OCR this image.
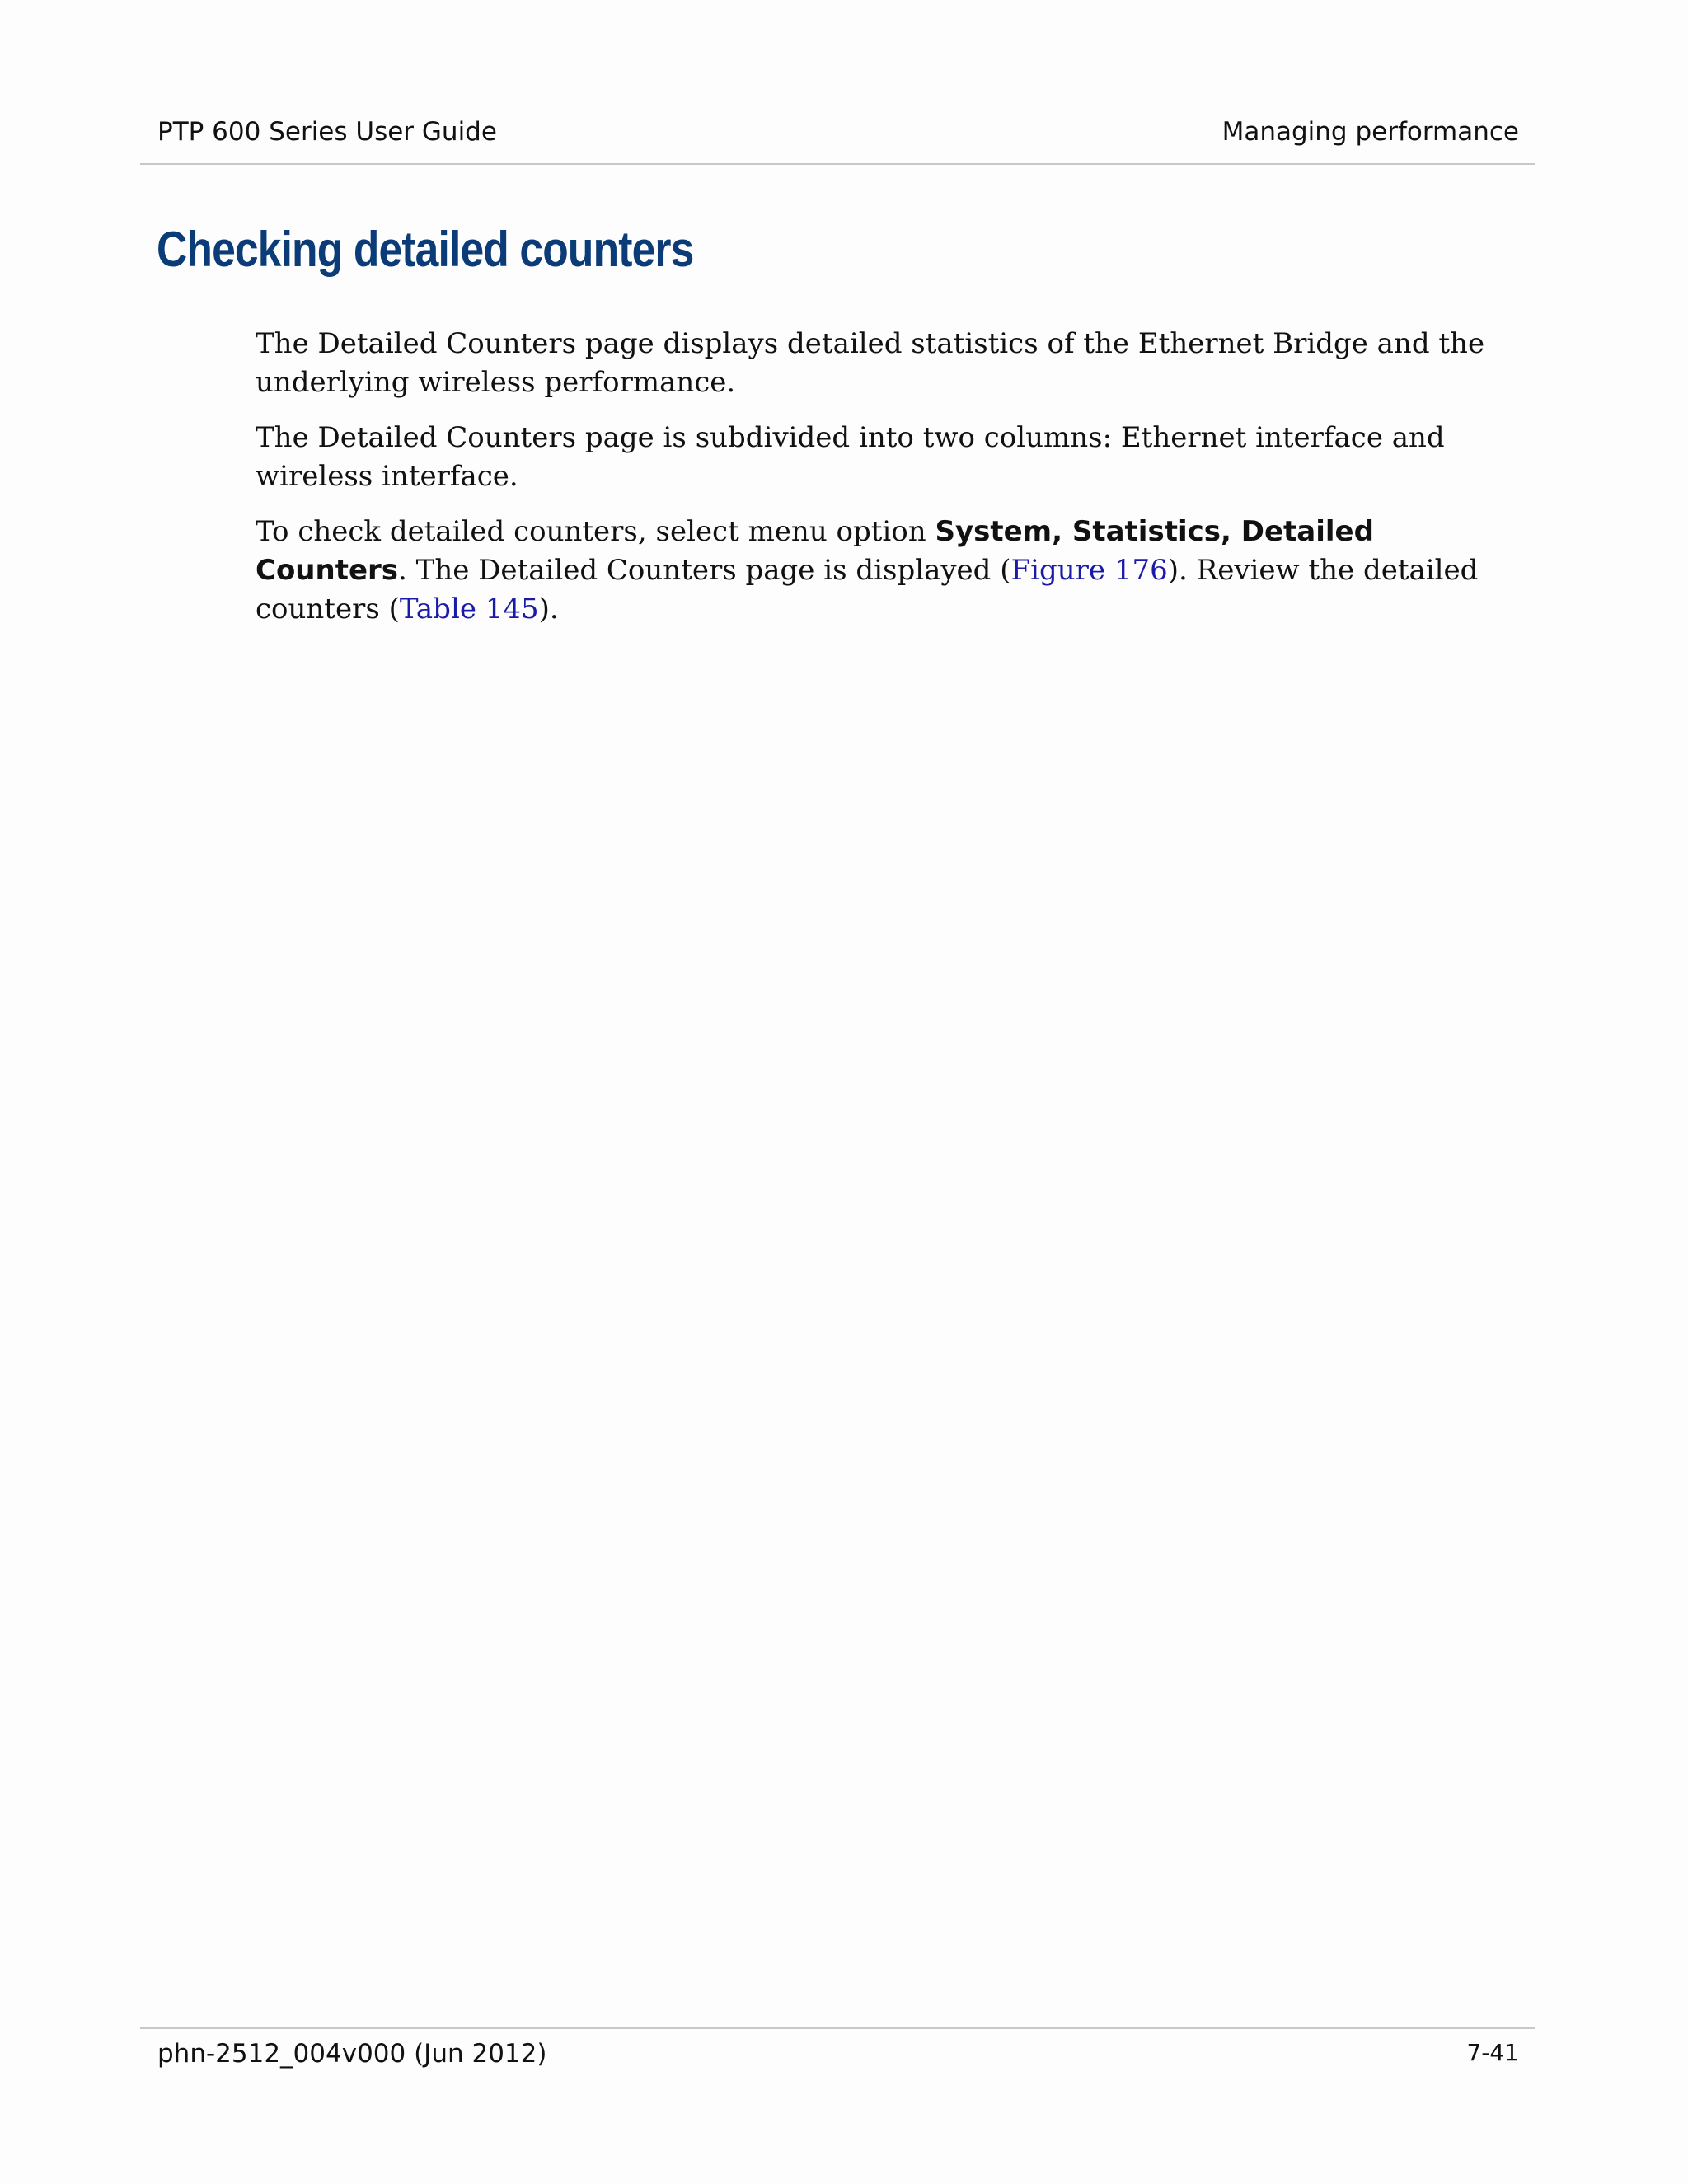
PTP 600 Series User Guide	Managing performance
Checking detailed counters

The Detailed Counters page displays detailed statistics of the Ethernet Bridge and the underlying wireless performance.

The Detailed Counters page is subdivided into two columns: Ethernet interface and wireless interface.

To check detailed counters, select menu option System, Statistics, Detailed Counters. The Detailed Counters page is displayed (Figure 176). Review the detailed counters (Table 145).

phn-2512_004v000 (Jun 2012)	7-41
